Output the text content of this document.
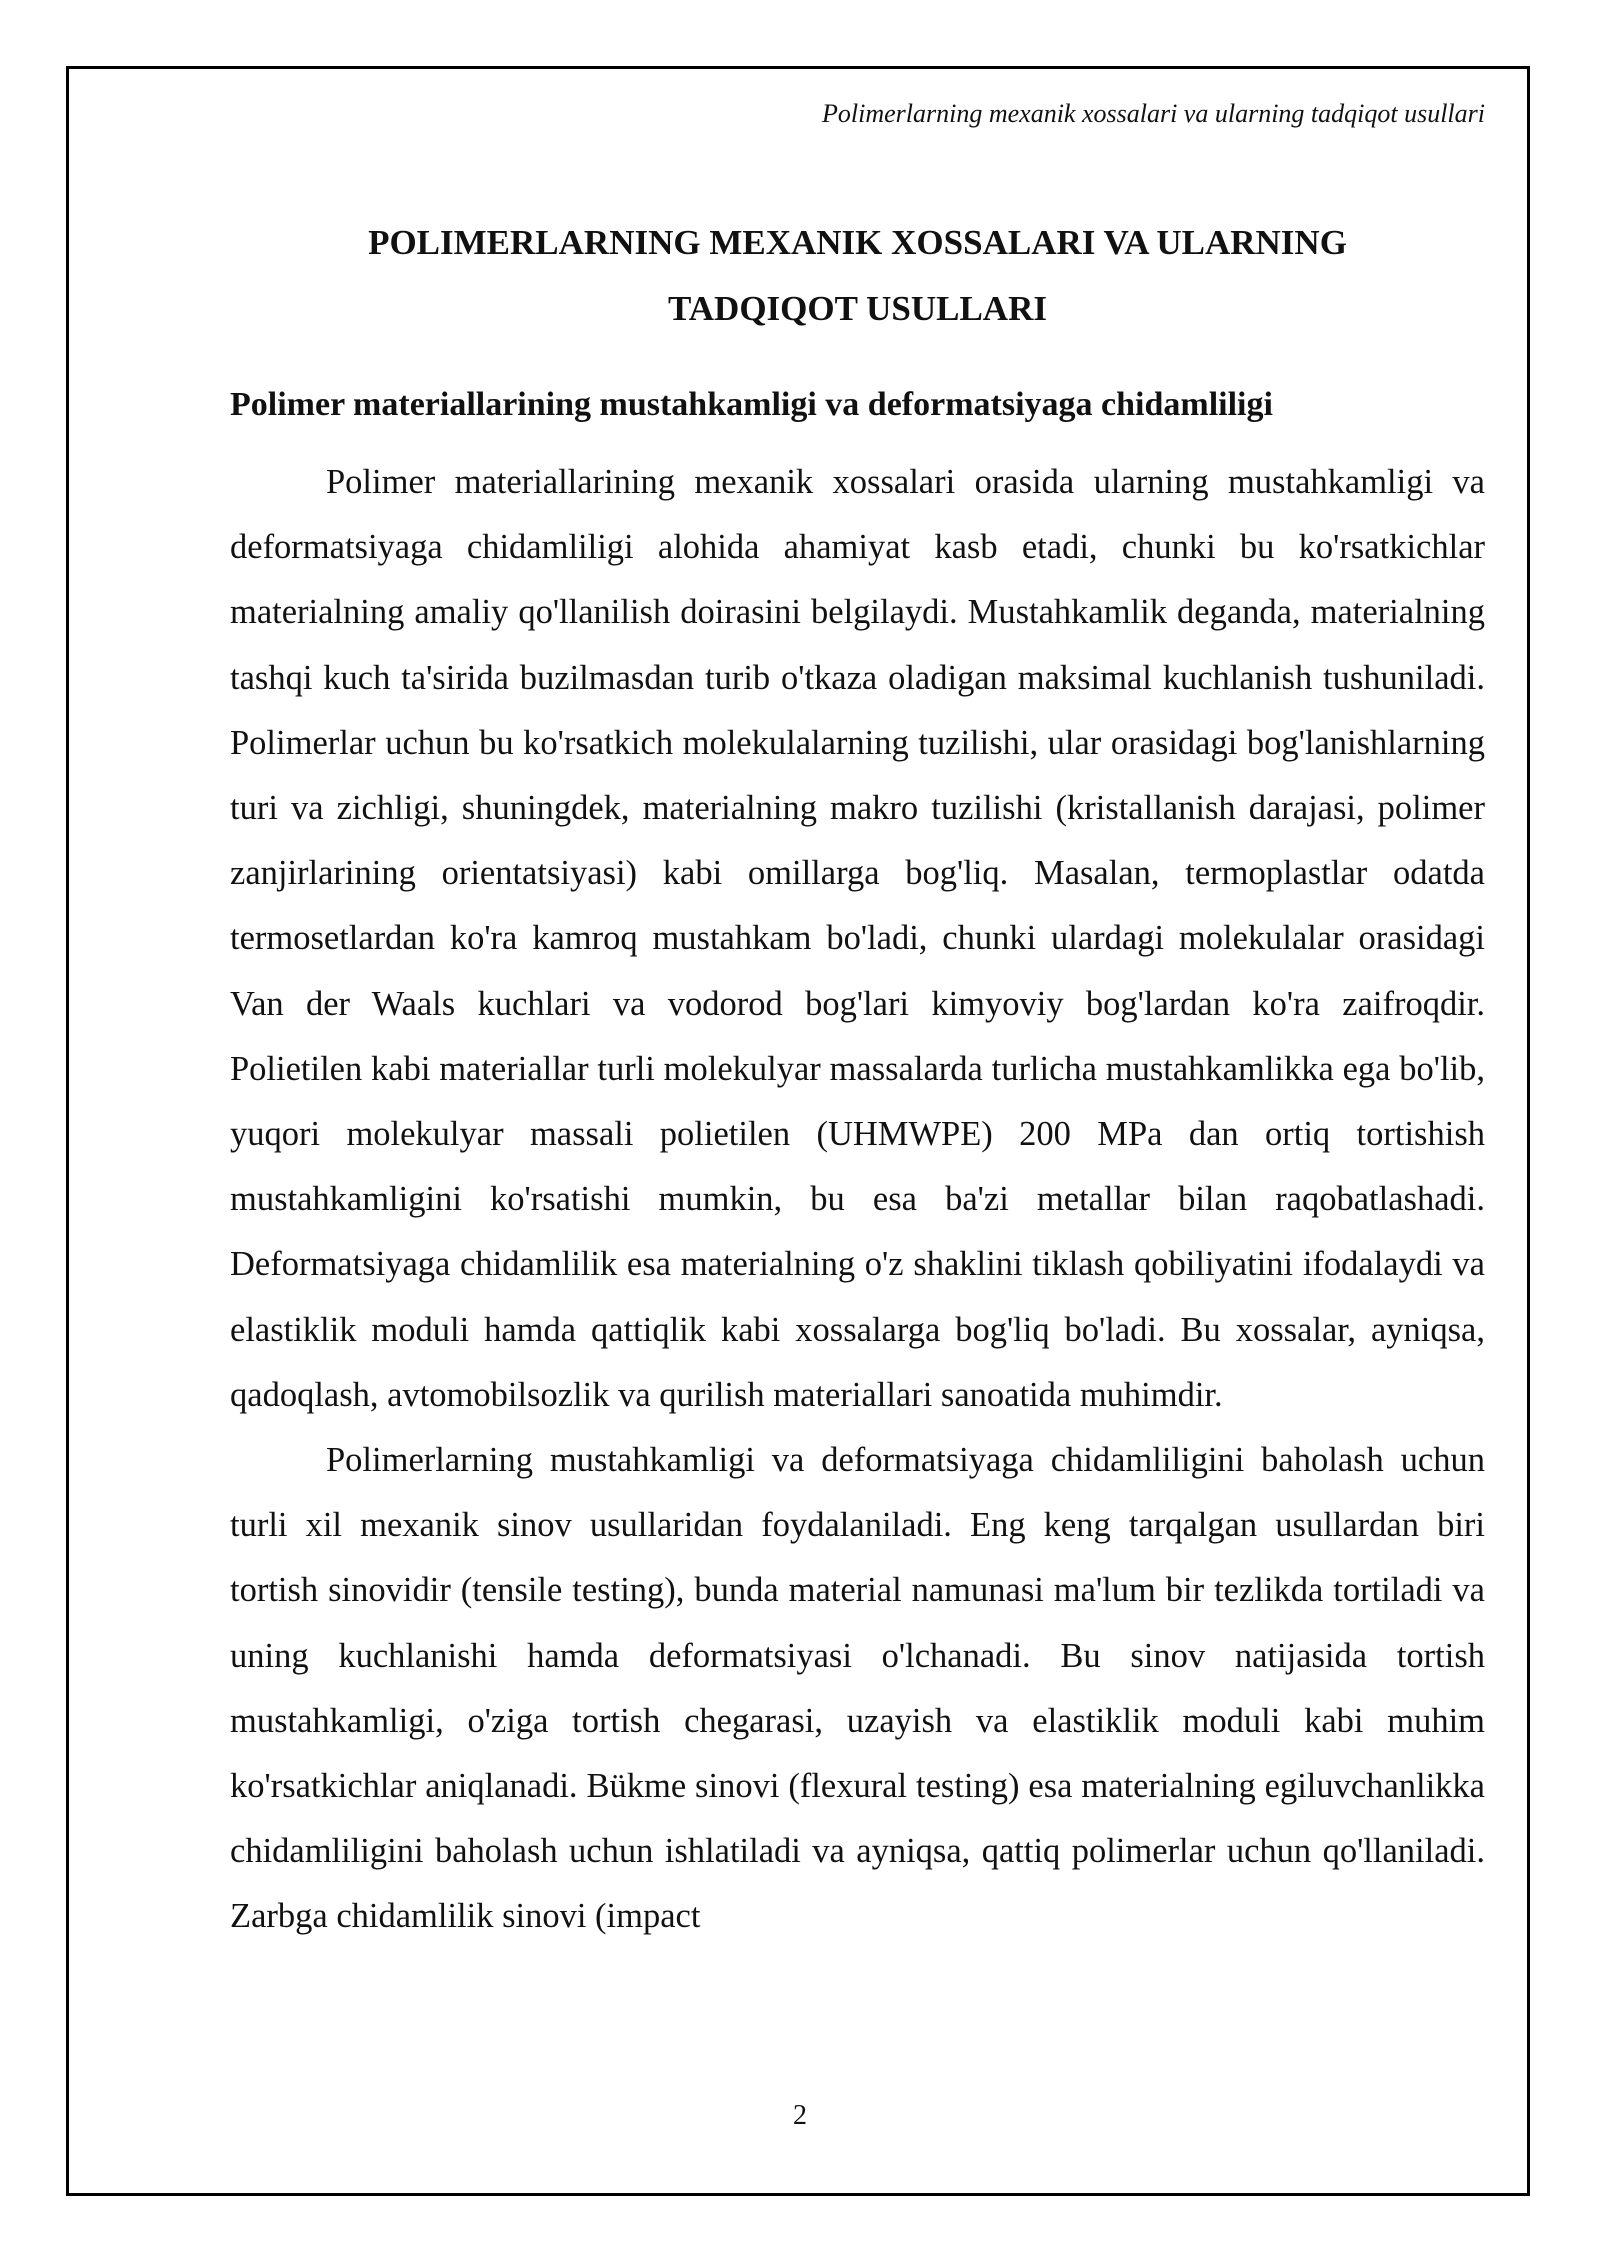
Polimerlarning mexanik xossalari va ularning tadqiqot usullari
POLIMERLARNING MEXANIK XOSSALARI VA ULARNING
TADQIQOT USULLARI
Polimer materiallarining mustahkamligi va deformatsiyaga chidamliligi

Polimer materiallarining mexanik xossalari orasida ularning mustahkamligi va deformatsiyaga chidamliligi alohida ahamiyat kasb etadi, chunki bu ko'rsatkichlar materialning amaliy qo'llanilish doirasini belgilaydi. Mustahkamlik deganda, materialning tashqi kuch ta'sirida buzilmasdan turib o'tkaza oladigan maksimal kuchlanish tushuniladi. Polimerlar uchun bu ko'rsatkich molekulalarning tuzilishi, ular orasidagi bog'lanishlarning turi va zichligi, shuningdek, materialning makro tuzilishi (kristallanish darajasi, polimer zanjirlarining orientatsiyasi) kabi omillarga bog'liq. Masalan, termoplastlar odatda termosetlardan ko'ra kamroq mustahkam bo'ladi, chunki ulardagi molekulalar orasidagi Van der Waals kuchlari va vodorod bog'lari kimyoviy bog'lardan ko'ra zaifroqdir. Polietilen kabi materiallar turli molekulyar massalarda turlicha mustahkamlikka ega bo'lib, yuqori molekulyar massali polietilen (UHMWPE) 200 MPa dan ortiq tortishish mustahkamligini ko'rsatishi mumkin, bu esa ba'zi metallar bilan raqobatlashadi. Deformatsiyaga chidamlilik esa materialning o'z shaklini tiklash qobiliyatini ifodalaydi va elastiklik moduli hamda qattiqlik kabi xossalarga bog'liq bo'ladi. Bu xossalar, ayniqsa, qadoqlash, avtomobilsozlik va qurilish materiallari sanoatida muhimdir.

Polimerlarning mustahkamligi va deformatsiyaga chidamliligini baholash uchun turli xil mexanik sinov usullaridan foydalaniladi. Eng keng tarqalgan usullardan biri tortish sinovidir (tensile testing), bunda material namunasi ma'lum bir tezlikda tortiladi va uning kuchlanishi hamda deformatsiyasi o'lchanadi. Bu sinov natijasida tortish mustahkamligi, o'ziga tortish chegarasi, uzayish va elastiklik moduli kabi muhim ko'rsatkichlar aniqlanadi. Bükme sinovi (flexural testing) esa materialning egiluvchanlikka chidamliligini baholash uchun ishlatiladi va ayniqsa, qattiq polimerlar uchun qo'llaniladi. Zarbga chidamlilik sinovi (impact

2
